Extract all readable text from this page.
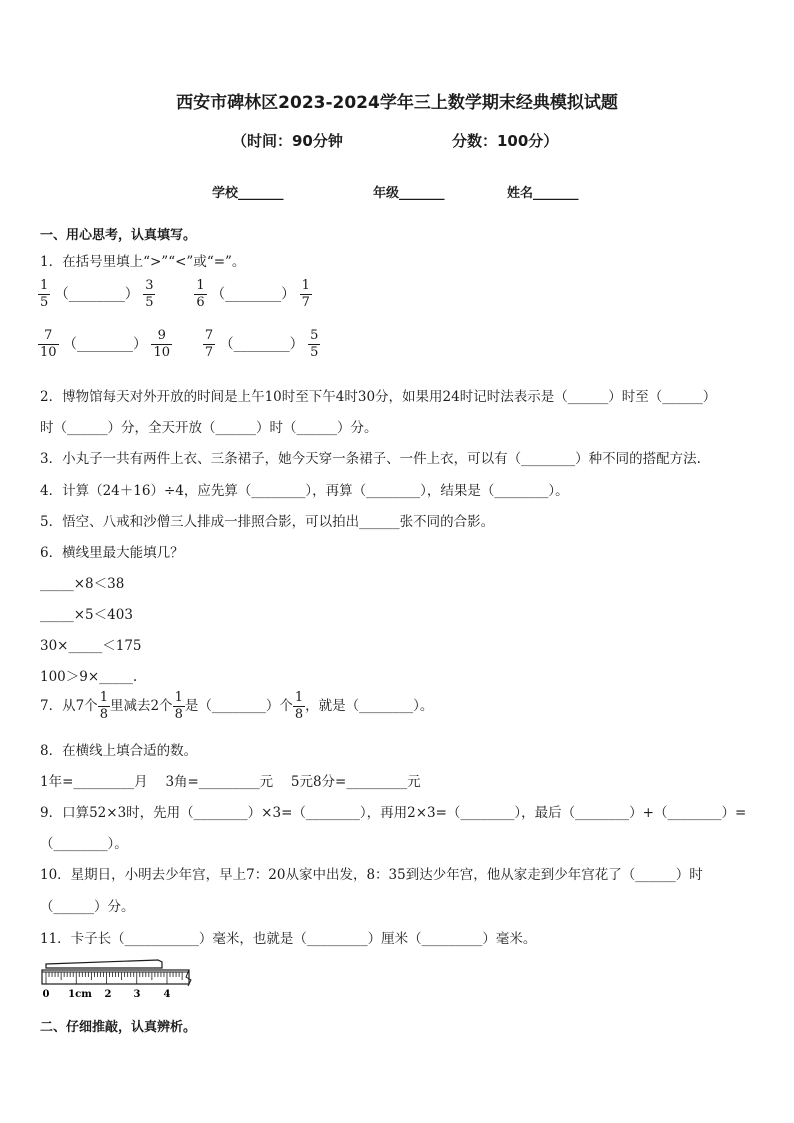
西安市碑林区2023-2024学年三上数学期末经典模拟试题
（时间：90分钟	分数：100分）
学校_______	年级_______	姓名_______
一、用心思考，认真填写。
1．在括号里填上“>”“<”或“=”。
$\frac{1}{5}$ （________） $\frac{3}{5}$
	$\frac{1}{6}$ （________） $\frac{1}{7}$
$\frac{7}{10}$ （________） $\frac{9}{10}$
$\frac{7}{7}$ （________） $\frac{5}{5}$
2．博物馆每天对外开放的时间是上午10时至下午4时30分，如果用24时记时法表示是（______）时至（______）
时（______）分，全天开放（______）时（______）分。
3．小丸子一共有两件上衣、三条裙子，她今天穿一条裙子、一件上衣，可以有（________）种不同的搭配方法.
4．计算（24＋16）÷4，应先算（________），再算（________），结果是（________）。
5．悟空、八戒和沙僧三人排成一排照合影，可以拍出______张不同的合影。
6．横线里最大能填几？
_____×8＜38
_____×5＜403
30×_____＜175
100＞9×_____.
7．从7个 $\frac{1}{8}$ 里减去2个 $\frac{1}{8}$ 是（________）个 $\frac{1}{8}$ ，就是（________）。
8．在横线上填合适的数。
1年=_________月　 3角=_________元　 5元8分=_________元
9．口算52×3时，先用（________）×3=（________），再用2×3=（________），最后（________）+（________）=
（________）。
10．星期日，小明去少年宫，早上7：20从家中出发，8：35到达少年宫，他从家走到少年宫花了（______）时
（______）分。
11．卡子长（___________）毫米，也就是（_________）厘米（_________）毫米。
0 1cm 2 3 4
二、仔细推敲，认真辨析。
